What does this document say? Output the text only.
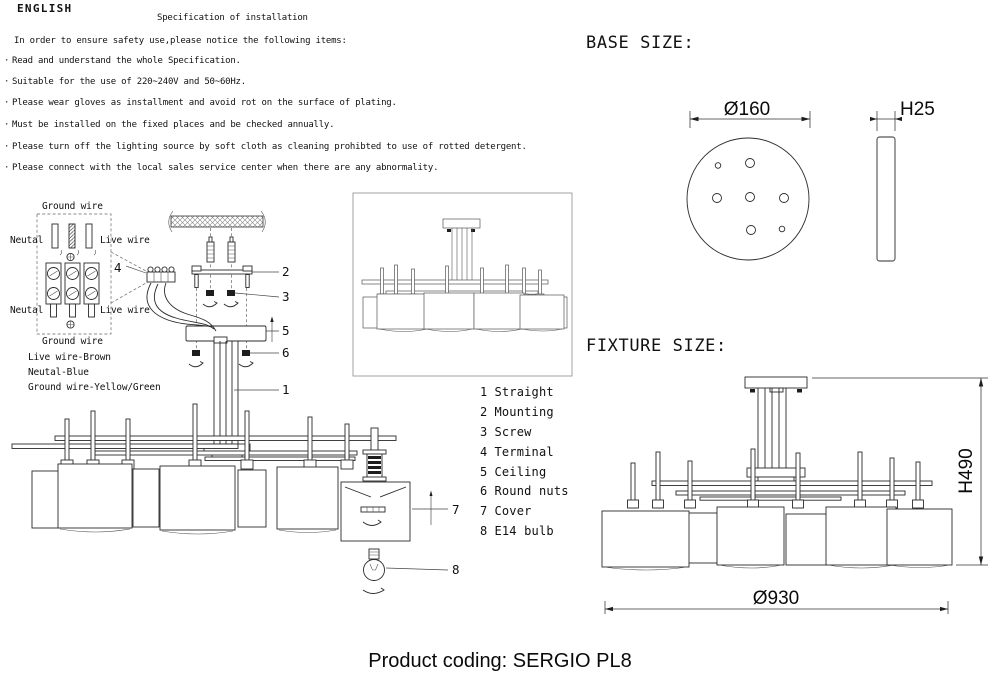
ENGLISH
Specification of installation
In order to ensure safety use,please notice the following items:
· Read and understand the whole Specification.
· Suitable for the use of 220~240V and 50~60Hz.
· Please wear gloves as installment and avoid rot on the surface of plating.
· Must be installed on the fixed places and be checked annually.
· Please turn off the lighting source by soft cloth as cleaning prohibted to use of rotted detergent.
· Please connect with the local sales service center when there are any abnormality.
1 Straight
2 Mounting
3 Screw
4 Terminal
5 Ceiling
6 Round nuts
7 Cover
8 E14 bulb
BASE SIZE:
FIXTURE SIZE:
Product coding: SERGIO PL8
Ground wire
Neutal	Live wire
Neutal	Live wire
Ground wire
Live wire-Brown
Neutal-Blue
Ground wire-Yellow/Green
2
3
5
6
1
4
7
8
Ø160	H25
H490
Ø930
